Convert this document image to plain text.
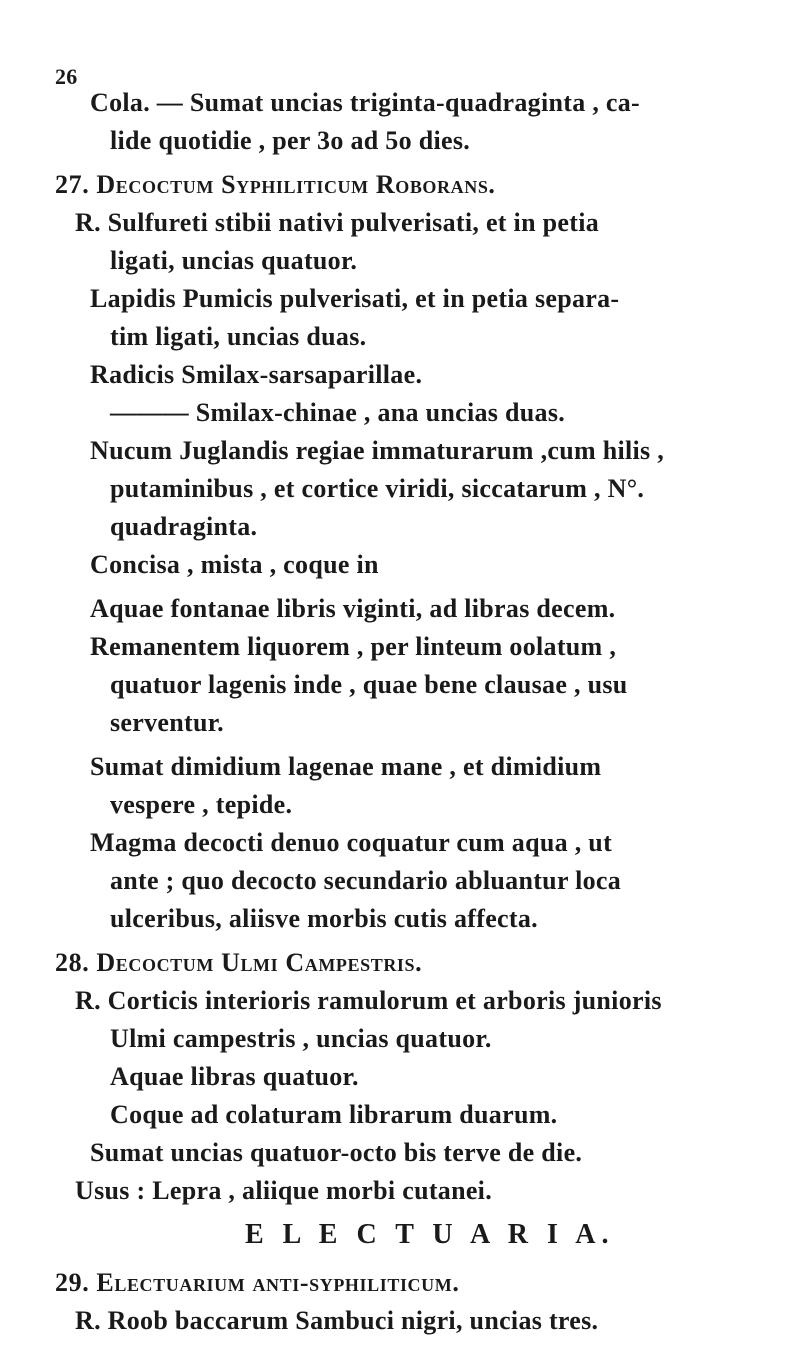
26
Cola. — Sumat uncias triginta-quadraginta , ca-
lide quotidie , per 3o ad 5o dies.
27. Decoctum Syphiliticum Roborans.
R. Sulfureti stibii nativi pulverisati, et in petia
ligati, uncias quatuor.
Lapidis Pumicis pulverisati, et in petia separa-
tim ligati, uncias duas.
Radicis Smilax-sarsaparillae.
——— Smilax-chinae , ana uncias duas.
Nucum Juglandis regiae immaturarum ,cum hilis ,
putaminibus , et cortice viridi, siccatarum , N°.
quadraginta.
Concisa , mista , coque in
Aquae fontanae libris viginti, ad libras decem.
Remanentem liquorem , per linteum oolatum ,
quatuor lagenis inde , quae bene clausae , usu
serventur.
Sumat dimidium lagenae mane , et dimidium
vespere , tepide.
Magma decocti denuo coquatur cum aqua , ut
ante ; quo decocto secundario abluantur loca
ulceribus, aliisve morbis cutis affecta.
28. Decoctum Ulmi Campestris.
R. Corticis interioris ramulorum et arboris junioris
Ulmi campestris , uncias quatuor.
Aquae libras quatuor.
Coque ad colaturam librarum duarum.
Sumat uncias quatuor-octo bis terve de die.
Usus : Lepra , aliique morbi cutanei.
E L E C T U A R I A.
29. Electuarium anti-syphiliticum.
R. Roob baccarum Sambuci nigri, uncias tres.
